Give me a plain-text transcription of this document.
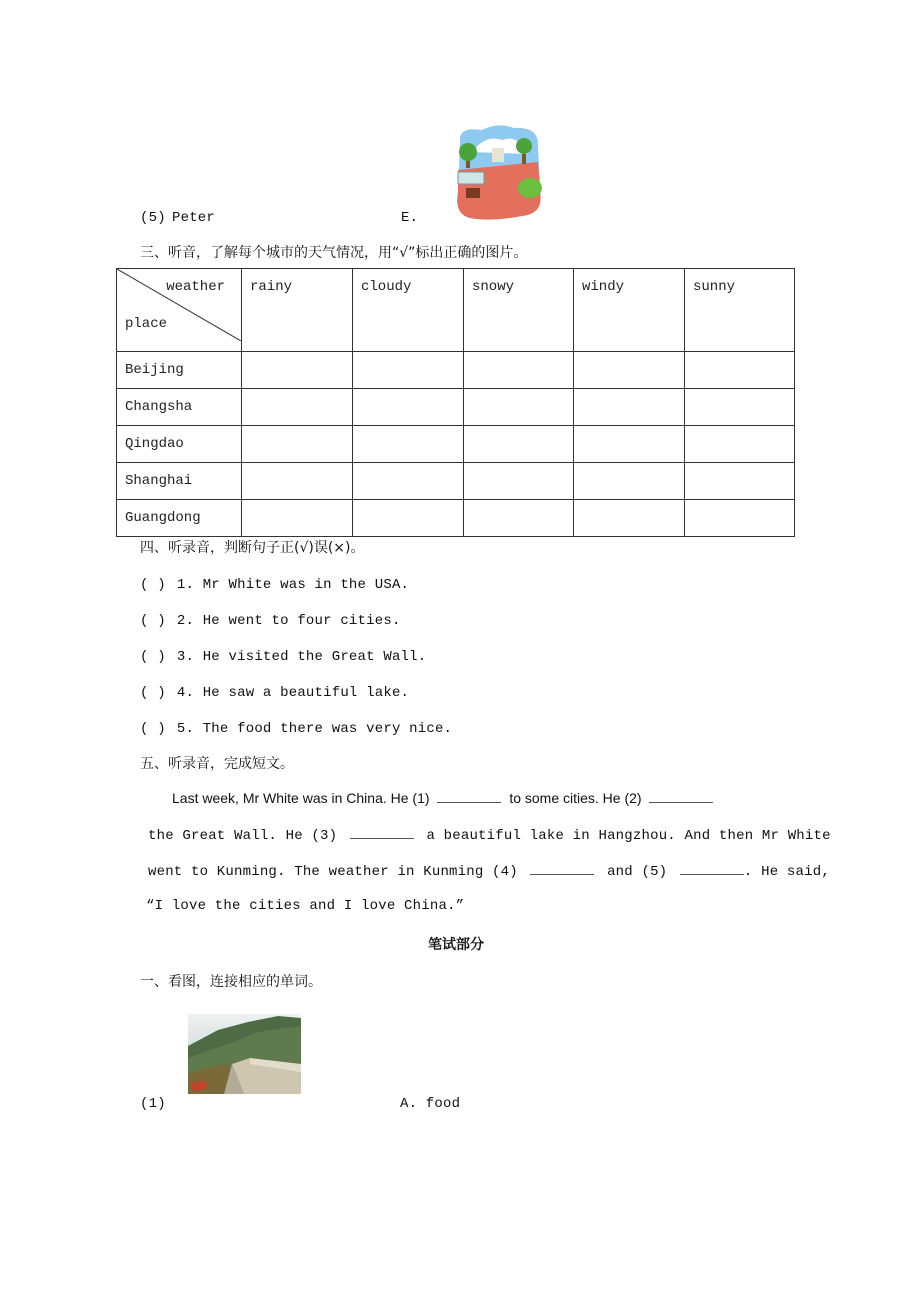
(5) Peter	E.
三、听音，了解每个城市的天气情况，用“√”标出正确的图片。
weather
place	rainy	cloudy	snowy	windy	sunny
Beijing					
Changsha					
Qingdao					
Shanghai					
Guangdong					
四、听录音，判断句子正(√)误(×)。
( ) 1. Mr White was in the USA.
( ) 2. He went to four cities.
( ) 3. He visited the Great Wall.
( ) 4. He saw a beautiful lake.
( ) 5. The food there was very nice.
五、听录音，完成短文。
Last week, Mr White was in China. He (1)	to some cities. He (2)
the Great Wall. He (3)	a beautiful lake in Hangzhou. And then Mr White
went to Kunming. The weather in Kunming (4)	and (5)	. He said,
“I love the cities and I love China.”
笔试部分
一、看图，连接相应的单词。
(1)	A. food
